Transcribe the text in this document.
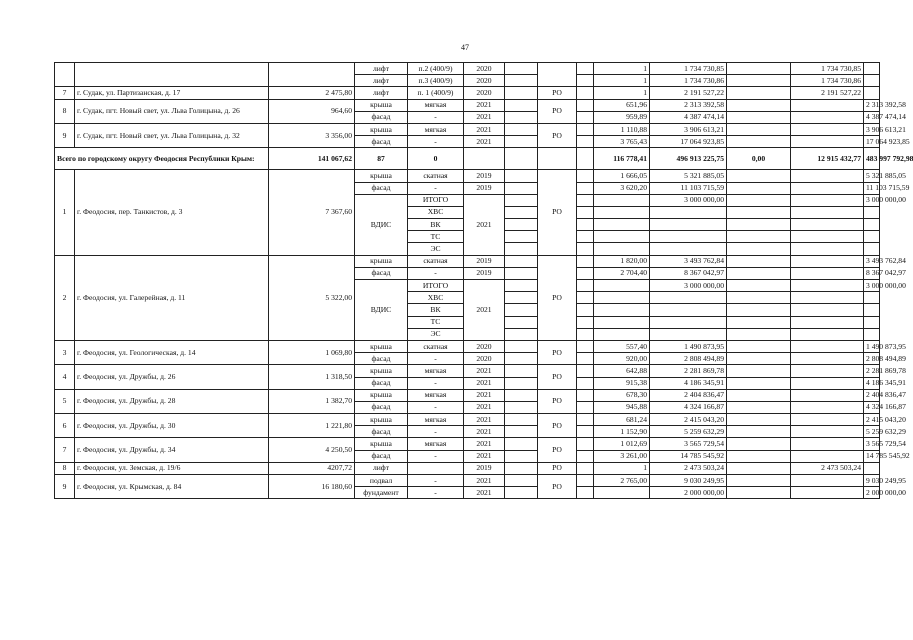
47
			лифт	п.2 (400/9)	2020				1	1 734 730,85		1 734 730,85	
			лифт	п.3 (400/9)	2020				1	1 734 730,86		1 734 730,86	
7	г. Судак, ул. Партизанская, д. 17	2 475,80	лифт	п. 1 (400/9)	2020		РО		1	2 191 527,22		2 191 527,22	
8	г. Судак, пгт. Новый свет, ул. Льва Голицына, д. 26	964,60	крыша	мягкая	2021		РО		651,96	2 313 392,58			2 313 392,58
			фасад	-	2021				959,89	4 387 474,14			4 387 474,14
9	г. Судак, пгт. Новый свет, ул. Льва Голицына, д. 32	3 356,00	крыша	мягкая	2021		РО		1 110,88	3 906 613,21			3 906 613,21
			фасад	-	2021				3 765,43	17 064 923,85			17 064 923,85
Всего по городскому округу Феодосия Республики Крым:		141 067,62	87	0					116 778,41	496 913 225,75	0,00	12 915 432,77	483 997 792,98
1	г. Феодосия, пер. Танкистов, д. 3	7 367,60	крыша	скатная	2019		РО		1 666,05	5 321 885,05			5 321 885,05
			фасад	-	2019				3 620,20	11 103 715,59			11 103 715,59
			ВДИС	ИТОГО	2021					3 000 000,00			3 000 000,00
				ХВС									
				ВК									
				ТС									
				ЭС									
2	г. Феодосия, ул. Галерейная, д. 11	5 322,00	крыша	скатная	2019		РО		1 820,00	3 493 762,84			3 493 762,84
			фасад	-	2019				2 704,40	8 367 042,97			8 367 042,97
			ВДИС	ИТОГО	2021					3 000 000,00			3 000 000,00
				ХВС									
				ВК									
				ТС									
				ЭС									
3	г. Феодосия, ул. Геологическая, д. 14	1 069,80	крыша	скатная	2020		РО		557,40	1 490 873,95			1 490 873,95
			фасад	-	2020				920,00	2 808 494,89			2 808 494,89
4	г. Феодосия, ул. Дружбы, д. 26	1 318,50	крыша	мягкая	2021		РО		642,88	2 281 869,78			2 281 869,78
			фасад	-	2021				915,38	4 186 345,91			4 186 345,91
5	г. Феодосия, ул. Дружбы, д. 28	1 382,70	крыша	мягкая	2021		РО		678,30	2 404 836,47			2 404 836,47
			фасад	-	2021				945,88	4 324 166,87			4 324 166,87
6	г. Феодосия, ул. Дружбы, д. 30	1 221,80	крыша	мягкая	2021		РО		681,24	2 415 043,20			2 415 043,20
			фасад	-	2021				1 152,90	5 259 632,29			5 259 632,29
7	г. Феодосия, ул. Дружбы, д. 34	4 250,50	крыша	мягкая	2021		РО		1 012,69	3 565 729,54			3 565 729,54
			фасад	-	2021				3 261,00	14 785 545,92			14 785 545,92
8	г. Феодосия, ул. Земская, д. 19/6	4207,72	лифт		2019		РО		1	2 473 503,24		2 473 503,24	
9	г. Феодосия, ул. Крымская, д. 84	16 180,60	подвал	-	2021		РО		2 765,00	9 030 249,95			9 030 249,95
			фундамент	-	2021					2 000 000,00			2 000 000,00
